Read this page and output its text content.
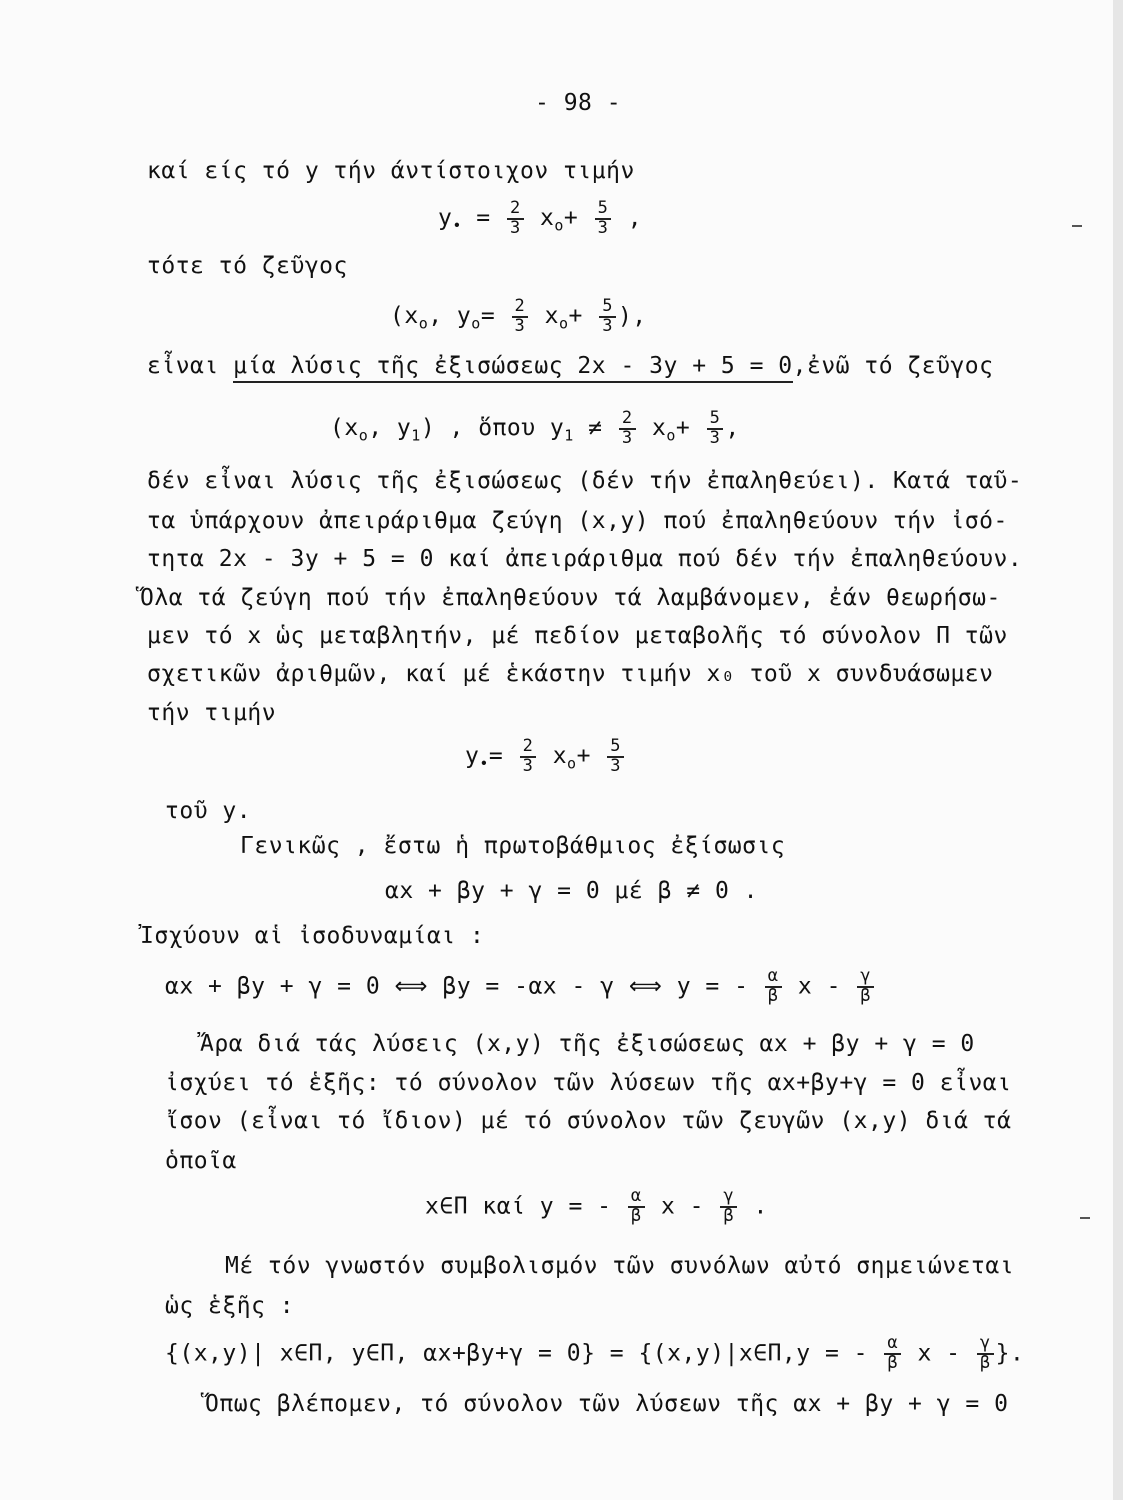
- 98 -
καί είς τό y τήν άντίστοιχον τιμήν
$y_• = \frac{2}{3} x_o+ \frac{5}{3}$ ,
τότε τό ζεῦγος
($x_o$, $y_o= \frac{2}{3} x_o+ \frac{5}{3}$ ),
εἶναι μία λύσις τῆς ἐξισώσεως 2x - 3y + 5 = 0,ἐνῶ τό ζεῦγος
($x_o$, $y_1$) , ὅπου $y_1 \ne \frac{2}{3} x_o+ \frac{5}{3}$ ,
δέν εἶναι λύσις τῆς ἐξισώσεως (δέν τήν ἐπαληθεύει). Κατά ταῦ-
τα ὑπάρχουν ἀπειράριθμα ζεύγη (x,y) πού ἐπαληθεύουν τήν ἰσό-
τητα 2x - 3y + 5 = 0 καί ἀπειράριθμα πού δέν τήν ἐπαληθεύουν.
Ὅλα τά ζεύγη πού τήν ἐπαληθεύουν τά λαμβάνομεν, ἐάν θεωρήσω-
μεν τό x ὡς μεταβλητήν, μέ πεδίον μεταβολῆς τό σύνολον Π τῶν
σχετικῶν ἀριθμῶν, καί μέ ἑκάστην τιμήν x₀ τοῦ x συνδυάσωμεν
τήν τιμήν
$y_•= \frac{2}{3} x_o+ \frac{5}{3}$
τοῦ y.
Γενικῶς , ἔστω ἡ πρωτοβάθμιος ἐξίσωσις
αx + βy + γ = 0 μέ β ≠ 0 .
Ἰσχύουν αἱ ἰσοδυναμίαι :
αx + βy + γ = 0 ⟺ βy = -αx - γ ⟺ y = - $\frac{\alpha}{\beta}$ x - $\frac{\gamma}{\beta}$
Ἄρα διά τάς λύσεις (x,y) τῆς ἐξισώσεως αx + βy + γ = 0
ἰσχύει τό ἑξῆς: τό σύνολον τῶν λύσεων τῆς αx+βy+γ = 0 εἶναι
ἴσον (εἶναι τό ἴδιον) μέ τό σύνολον τῶν ζευγῶν (x,y) διά τά
ὁποῖα
x∈Π καί y = - $\frac{\alpha}{\beta}$ x - $\frac{\gamma}{\beta}$ .
Μέ τόν γνωστόν συμβολισμόν τῶν συνόλων αὐτό σημειώνεται
ὡς ἑξῆς :
{(x,y)| x∈Π, y∈Π, αx+βy+γ = 0} = {(x,y)|x∈Π,y = - $\frac{\alpha}{\beta}$ x - $\frac{\gamma}{\beta}$ }.
Ὅπως βλέπομεν, τό σύνολον τῶν λύσεων τῆς αx + βy + γ = 0
